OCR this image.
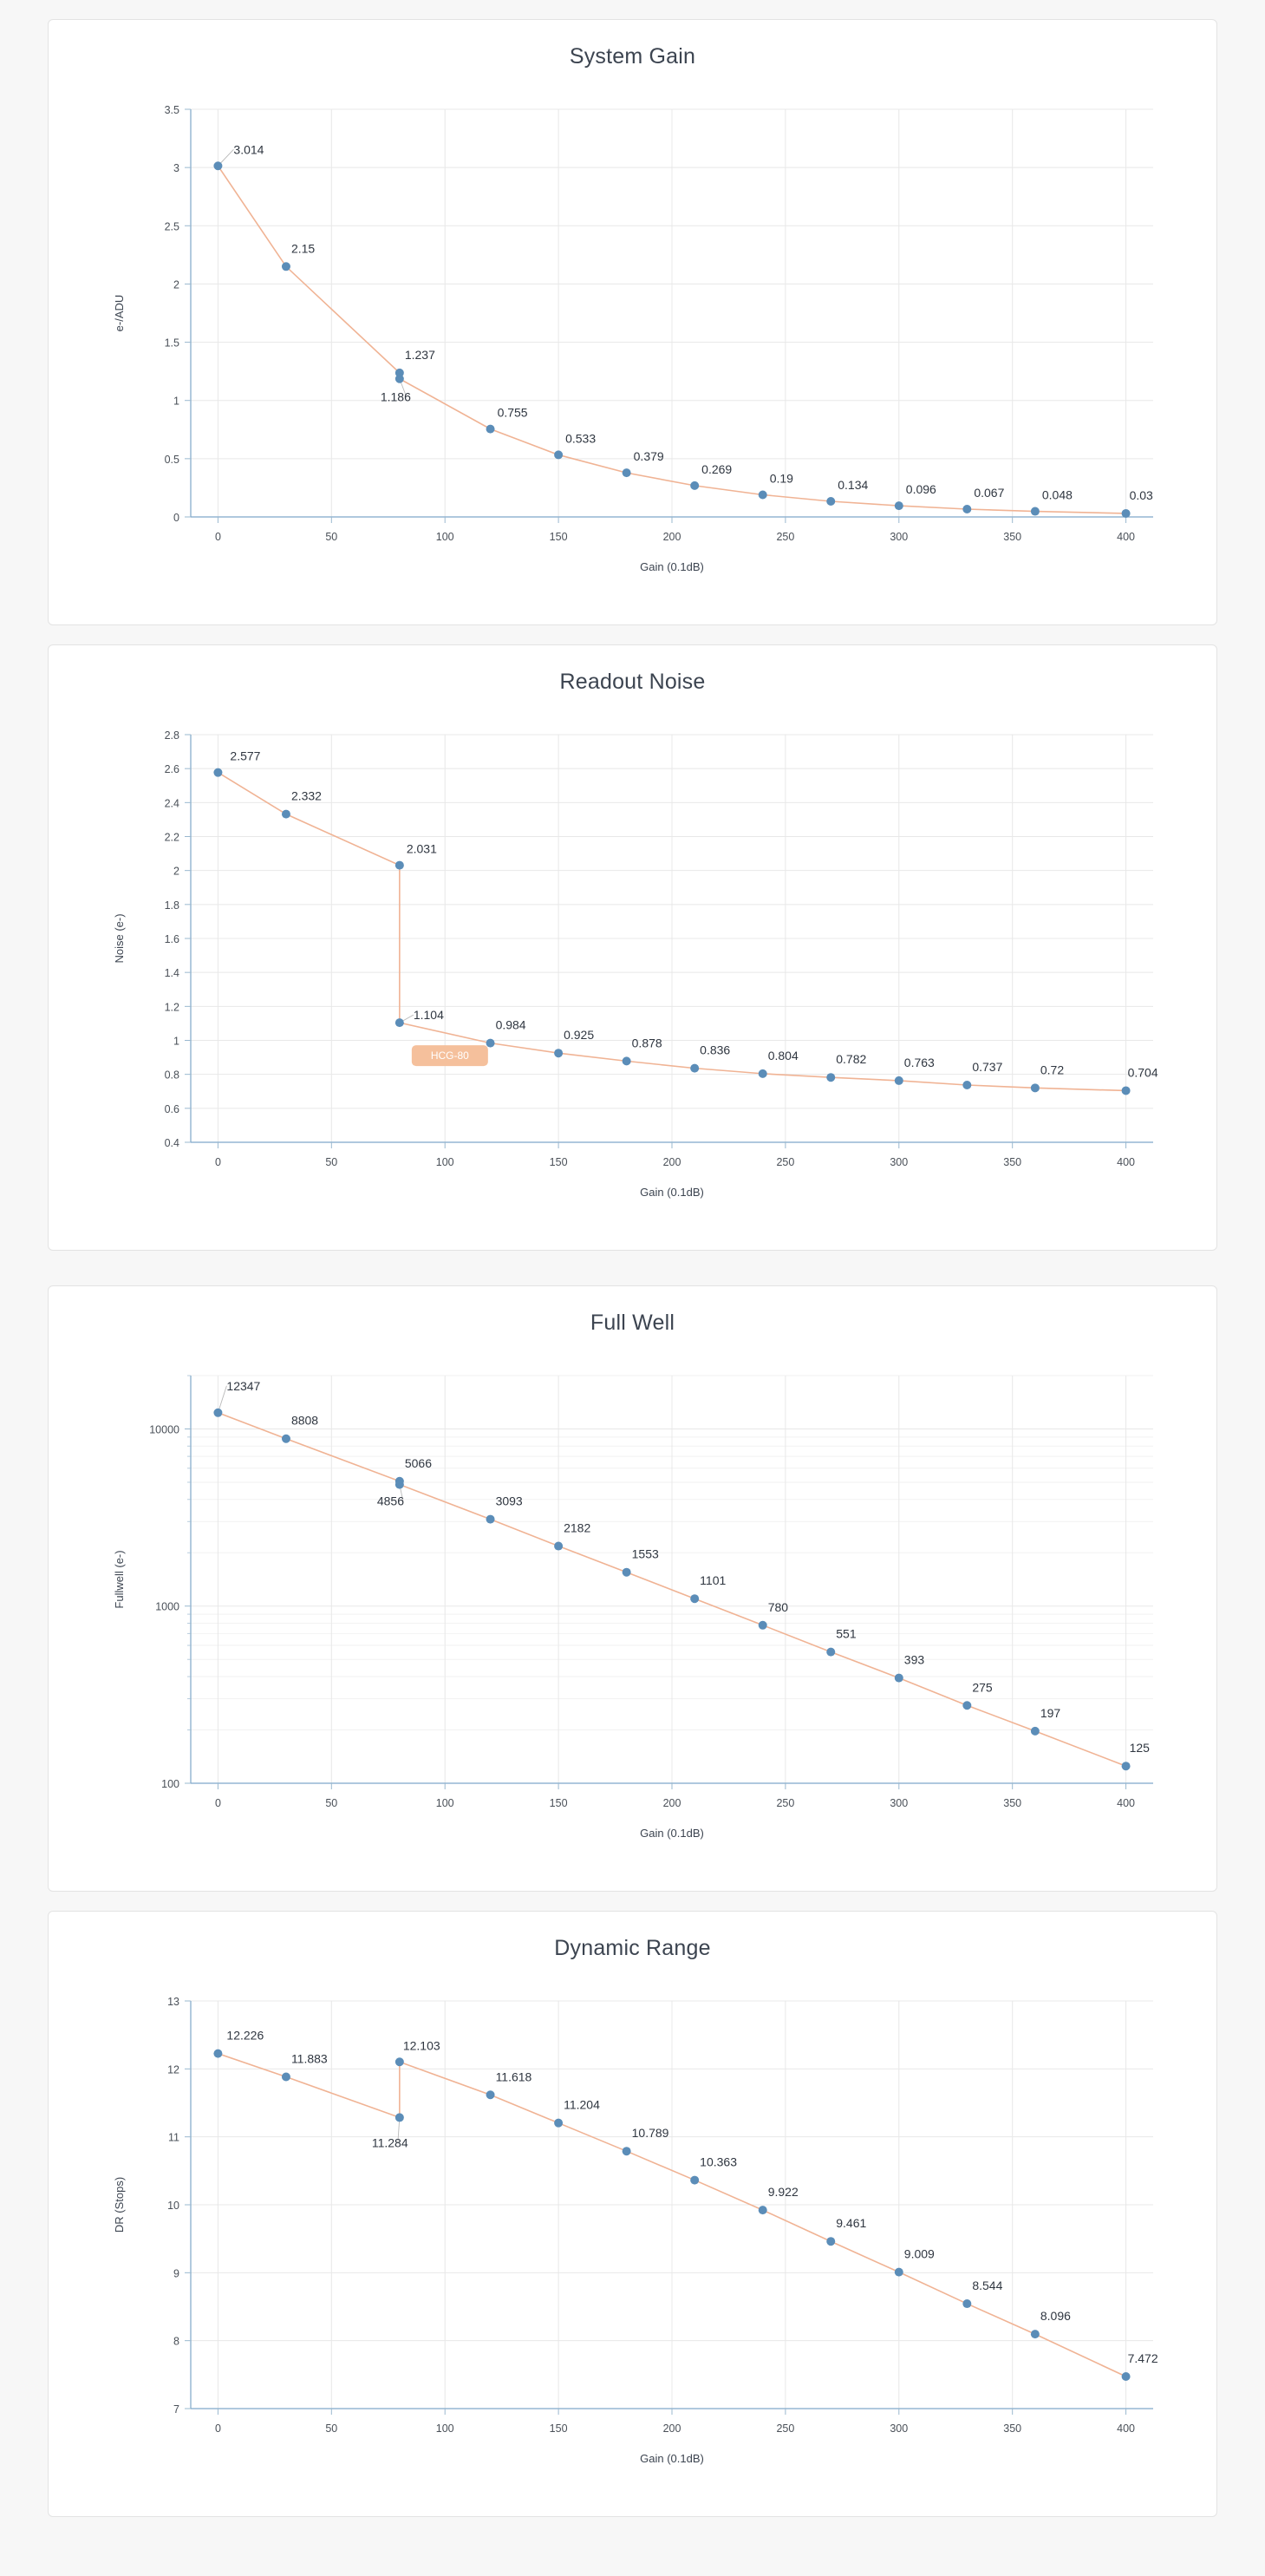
System Gain
0	50	100	150	200	250	300	350	400
0
0.5
1
1.5
2
2.5
3
3.5
Gain (0.1dB)
e-/ADU
3.014
2.15
1.237
1.186
0.755
0.533
0.379
0.269
0.19	0.134	0.096	0.067	0.048	0.03
Readout Noise
0	50	100	150	200	250	300	350	400
0.4
0.6
0.8
1
1.2
1.4
1.6
1.8
2
2.2
2.4
2.6
2.8
Gain (0.1dB)
Noise (e-)
HCG-80
2.577
2.332
2.031
1.104
0.984
0.925
0.878
0.836	0.804	0.782	0.763	0.737	0.72	0.704
Full Well
0	50	100	150	200	250	300	350	400
100
1000
10000
Gain (0.1dB)
Fullwell (e-)
12347
8808
5066
4856	3093
2182
1553
1101
780
551
393
275
197
125
Dynamic Range
0	50	100	150	200	250	300	350	400
7
8
9
10
11
12
13
Gain (0.1dB)
DR (Stops)
12.226
11.883
11.284
12.103
11.618
11.204
10.789
10.363
9.922
9.461
9.009
8.544
8.096
7.472
